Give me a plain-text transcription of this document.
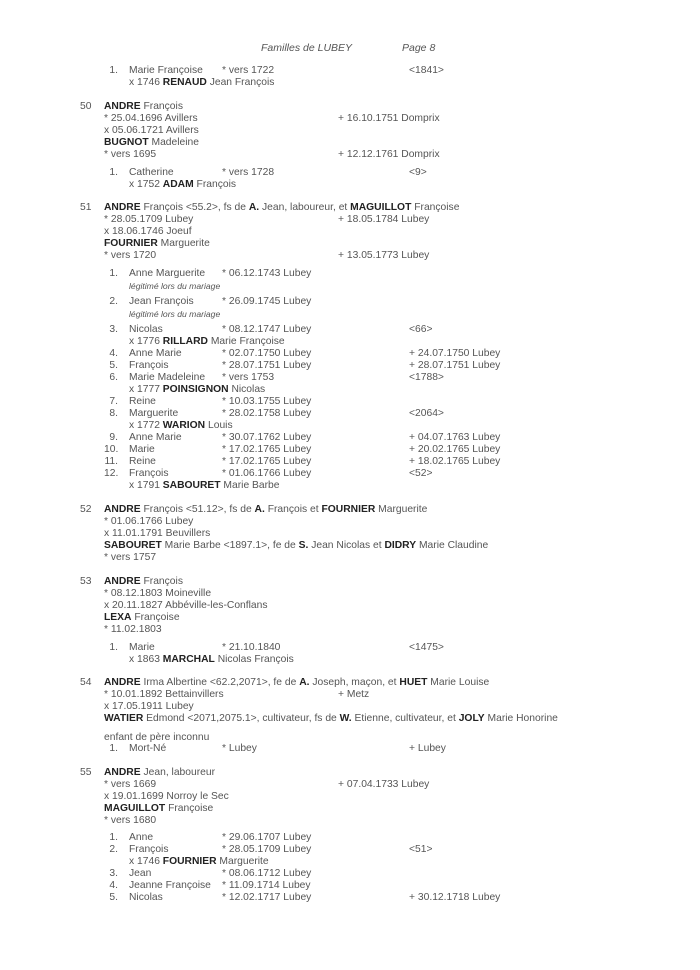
Familles de LUBEY	Page 8
1. Marie Françoise * vers 1722	<1841>
x 1746 RENAUD Jean François
50 ANDRE François
* 25.04.1696 Avillers	+ 16.10.1751 Domprix
x 05.06.1721 Avillers
BUGNOT Madeleine
* vers 1695	+ 12.12.1761 Domprix
1. Catherine	* vers 1728	<9>
x 1752 ADAM François
51 ANDRE François <55.2>, fs de A. Jean, laboureur, et MAGUILLOT Françoise
* 28.05.1709 Lubey	+ 18.05.1784 Lubey
x 18.06.1746 Joeuf
FOURNIER Marguerite
* vers 1720	+ 13.05.1773 Lubey
1. Anne Marguerite * 06.12.1743 Lubey
légitimé lors du mariage
2. Jean François	* 26.09.1745 Lubey
légitimé lors du mariage
3. Nicolas	* 08.12.1747 Lubey	<66>
x 1776 RILLARD Marie Françoise
4. Anne Marie	* 02.07.1750 Lubey	+ 24.07.1750 Lubey
5. François	* 28.07.1751 Lubey	+ 28.07.1751 Lubey
6. Marie Madeleine * vers 1753	<1788>
x 1777 POINSIGNON Nicolas
7. Reine	* 10.03.1755 Lubey
8. Marguerite	* 28.02.1758 Lubey	<2064>
x 1772 WARION Louis
9. Anne Marie	* 30.07.1762 Lubey	+ 04.07.1763 Lubey
10. Marie	* 17.02.1765 Lubey	+ 20.02.1765 Lubey
11. Reine	* 17.02.1765 Lubey	+ 18.02.1765 Lubey
12. François	* 01.06.1766 Lubey	<52>
x 1791 SABOURET Marie Barbe
52 ANDRE François <51.12>, fs de A. François et FOURNIER Marguerite
* 01.06.1766 Lubey
x 11.01.1791 Beuvillers
SABOURET Marie Barbe <1897.1>, fe de S. Jean Nicolas et DIDRY Marie Claudine
* vers 1757
53 ANDRE François
* 08.12.1803 Moineville
x 20.11.1827 Abbéville-les-Conflans
LEXA Françoise
* 11.02.1803
1. Marie	* 21.10.1840	<1475>
x 1863 MARCHAL Nicolas François
54 ANDRE Irma Albertine <62.2,2071>, fe de A. Joseph, maçon, et HUET Marie Louise
* 10.01.1892 Bettainvillers	+ Metz
x 17.05.1911 Lubey
WATIER Edmond <2071,2075.1>, cultivateur, fs de W. Etienne, cultivateur, et JOLY Marie Honorine
enfant de père inconnu
1. Mort-Né	* Lubey	+ Lubey
55 ANDRE Jean, laboureur
* vers 1669	+ 07.04.1733 Lubey
x 19.01.1699 Norroy le Sec
MAGUILLOT Françoise
* vers 1680
1. Anne	* 29.06.1707 Lubey
2. François	* 28.05.1709 Lubey	<51>
x 1746 FOURNIER Marguerite
3. Jean	* 08.06.1712 Lubey
4. Jeanne Françoise * 11.09.1714 Lubey
5. Nicolas	* 12.02.1717 Lubey	+ 30.12.1718 Lubey
